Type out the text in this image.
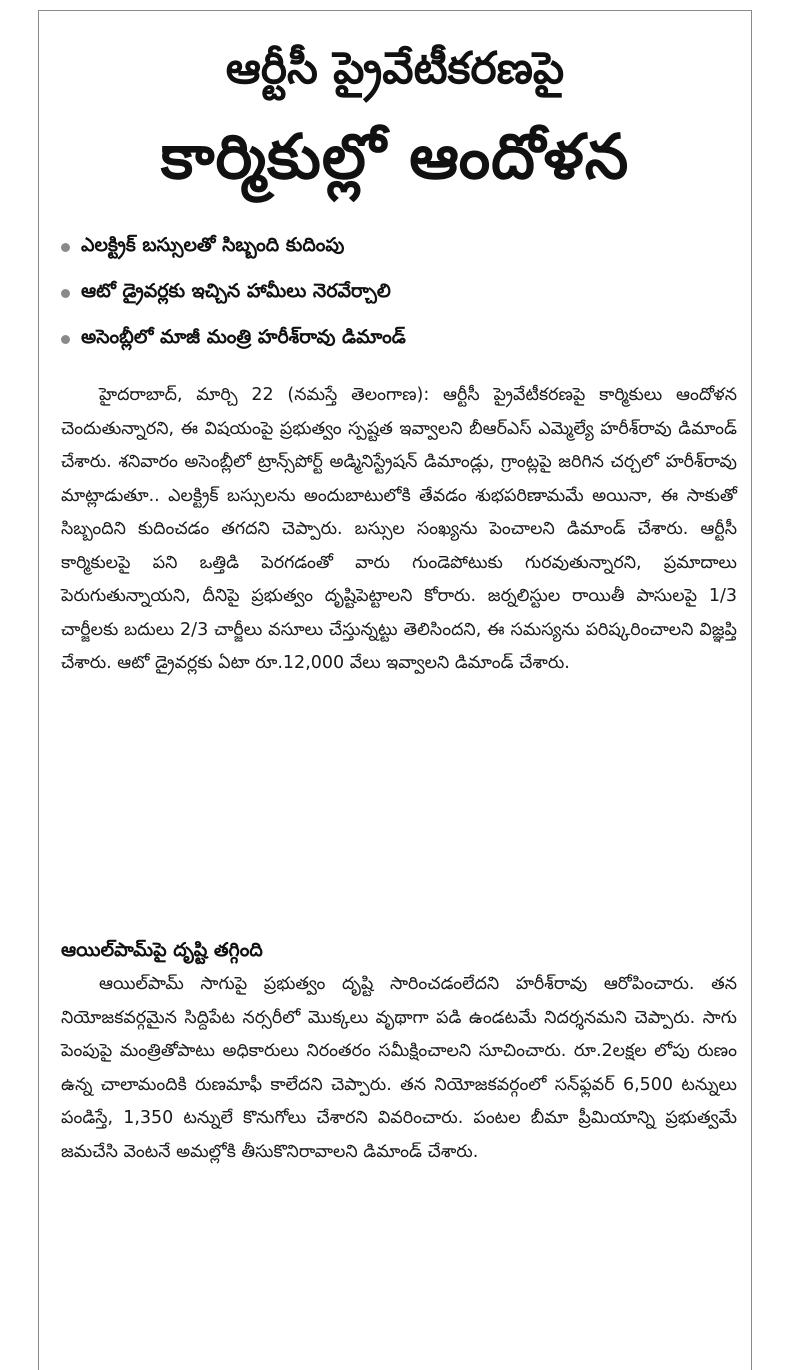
ఆర్టీసీ ప్రైవేటీకరణపై
కార్మికుల్లో ఆందోళన
ఎలక్ట్రిక్ బస్సులతో సిబ్బంది కుదింపు
ఆటో డ్రైవర్లకు ఇచ్చిన హామీలు నెరవేర్చాలి
అసెంబ్లీలో మాజీ మంత్రి హరీశ్‌రావు డిమాండ్

హైదరాబాద్, మార్చి 22 (నమస్తే తెలంగాణ): ఆర్టీసీ ప్రైవేటీకరణపై కార్మికులు ఆందోళన చెందుతున్నారని, ఈ విషయంపై ప్రభుత్వం స్పష్టత ఇవ్వాలని బీఆర్‌ఎస్ ఎమ్మెల్యే హరీశ్‌రావు డిమాండ్ చేశారు. శనివారం అసెంబ్లీలో ట్రాన్స్‌పోర్ట్ అడ్మినిస్ట్రేషన్ డిమాండ్లు, గ్రాంట్లపై జరిగిన చర్చలో హరీశ్‌రావు మాట్లాడుతూ.. ఎలక్ట్రిక్ బస్సులను అందుబాటులోకి తేవడం శుభపరిణామమే అయినా, ఈ సాకుతో సిబ్బందిని కుదించడం తగదని చెప్పారు. బస్సుల సంఖ్యను పెంచాలని డిమాండ్ చేశారు. ఆర్టీసీ కార్మికులపై పని ఒత్తిడి పెరగడంతో వారు గుండెపోటుకు గురవుతున్నారని, ప్రమాదాలు పెరుగుతున్నాయని, దీనిపై ప్రభుత్వం దృష్టిపెట్టాలని కోరారు. జర్నలిస్టుల రాయితీ పాసులపై 1/3 చార్జీలకు బదులు 2/3 చార్జీలు వసూలు చేస్తున్నట్టు తెలిసిందని, ఈ సమస్యను పరిష్కరించాలని విజ్ఞప్తి చేశారు. ఆటో డ్రైవర్లకు ఏటా రూ.12,000 వేలు ఇవ్వాలని డిమాండ్ చేశారు.

ఆయిల్‌పామ్‌పై దృష్టి తగ్గింది

ఆయిల్‌పామ్ సాగుపై ప్రభుత్వం దృష్టి సారించడంలేదని హరీశ్‌రావు ఆరోపించారు. తన నియోజకవర్గమైన సిద్దిపేట నర్సరీలో మొక్కలు వృథాగా పడి ఉండటమే నిదర్శనమని చెప్పారు. సాగు పెంపుపై మంత్రితోపాటు అధికారులు నిరంతరం సమీక్షించాలని సూచించారు. రూ.2లక్షల లోపు రుణం ఉన్న చాలామందికి రుణమాఫీ కాలేదని చెప్పారు. తన నియోజకవర్గంలో సన్‌ఫ్లవర్ 6,500 టన్నులు పండిస్తే, 1,350 టన్నులే కొనుగోలు చేశారని వివరించారు. పంటల బీమా ప్రీమియాన్ని ప్రభుత్వమే జమచేసి వెంటనే అమల్లోకి తీసుకొనిరావాలని డిమాండ్ చేశారు.
